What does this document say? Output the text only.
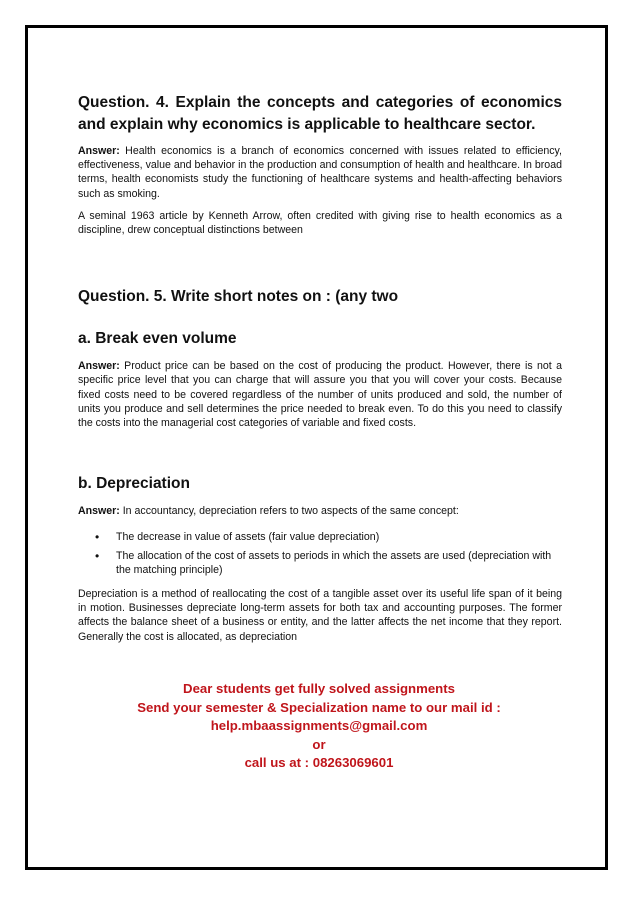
Question. 4. Explain the concepts and categories of economics and explain why economics is applicable to healthcare sector.

Answer: Health economics is a branch of economics concerned with issues related to efficiency, effectiveness, value and behavior in the production and consumption of health and healthcare. In broad terms, health economists study the functioning of healthcare systems and health-affecting behaviors such as smoking.

A seminal 1963 article by Kenneth Arrow, often credited with giving rise to health economics as a discipline, drew conceptual distinctions between

Question. 5. Write short notes on : (any two

a. Break even volume

Answer: Product price can be based on the cost of producing the product. However, there is not a specific price level that you can charge that will assure you that you will cover your costs. Because fixed costs need to be covered regardless of the number of units produced and sold, the number of units you produce and sell determines the price needed to break even. To do this you need to classify the costs into the managerial cost categories of variable and fixed costs.

b. Depreciation

Answer: In accountancy, depreciation refers to two aspects of the same concept:

• The decrease in value of assets (fair value depreciation)
• The allocation of the cost of assets to periods in which the assets are used (depreciation with the matching principle)

Depreciation is a method of reallocating the cost of a tangible asset over its useful life span of it being in motion. Businesses depreciate long-term assets for both tax and accounting purposes. The former affects the balance sheet of a business or entity, and the latter affects the net income that they report. Generally the cost is allocated, as depreciation

Dear students get fully solved assignments
Send your semester & Specialization name to our mail id :
help.mbaassignments@gmail.com
or
call us at : 08263069601
